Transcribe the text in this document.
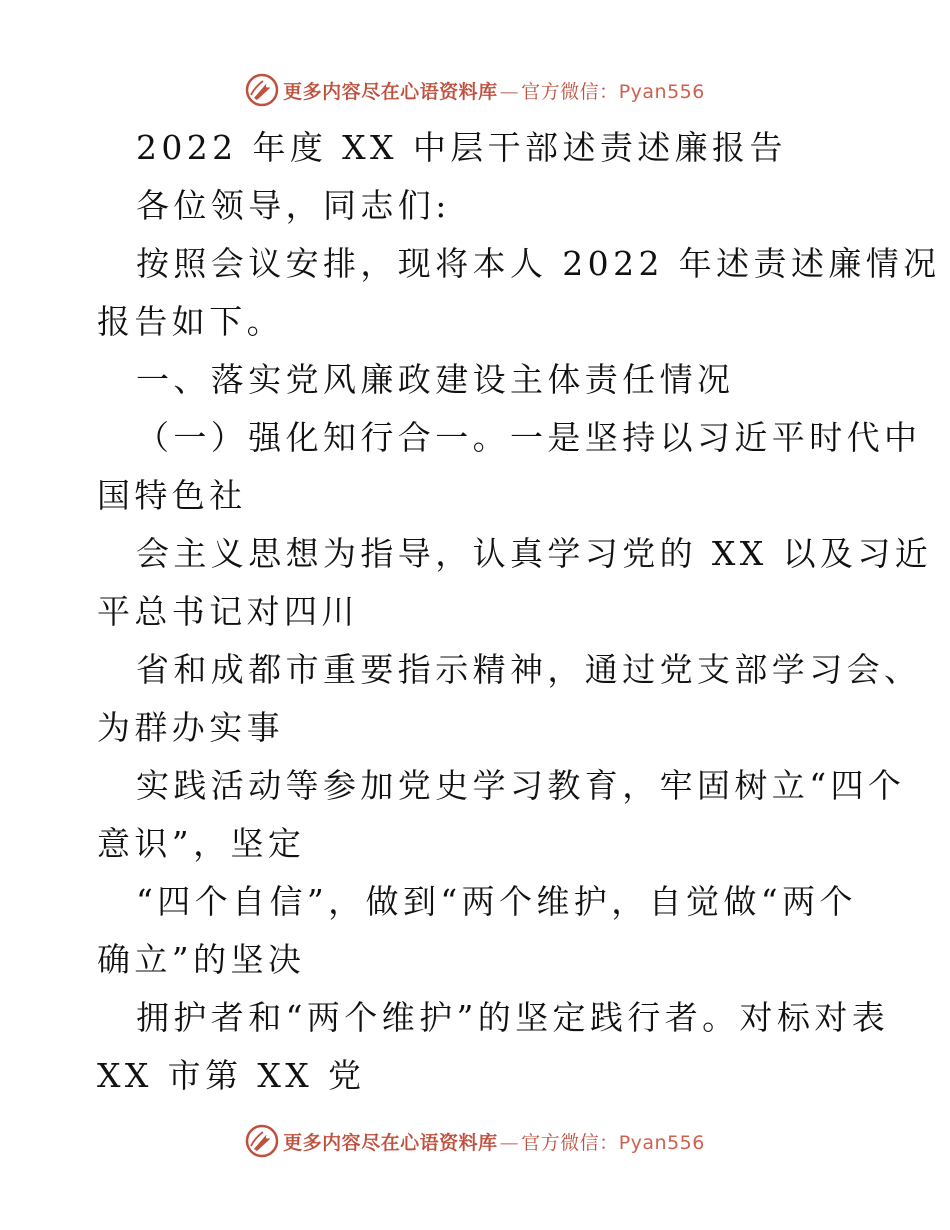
更多内容尽在心语资料库 — 官方微信：Pyan556
2022 年度 XX 中层干部述责述廉报告
各位领导，同志们:
按照会议安排，现将本人 2022 年述责述廉情况
报告如下。
一、落实党风廉政建设主体责任情况
（一）强化知行合一。一是坚持以习近平时代中
国特色社
会主义思想为指导，认真学习党的 XX 以及习近
平总书记对四川
省和成都市重要指示精神，通过党支部学习会、
为群办实事
实践活动等参加党史学习教育，牢固树立“四个
意识”，坚定
“四个自信”，做到“两个维护，自觉做“两个
确立”的坚决
拥护者和“两个维护”的坚定践行者。对标对表
XX 市第 XX 党
更多内容尽在心语资料库 — 官方微信：Pyan556
